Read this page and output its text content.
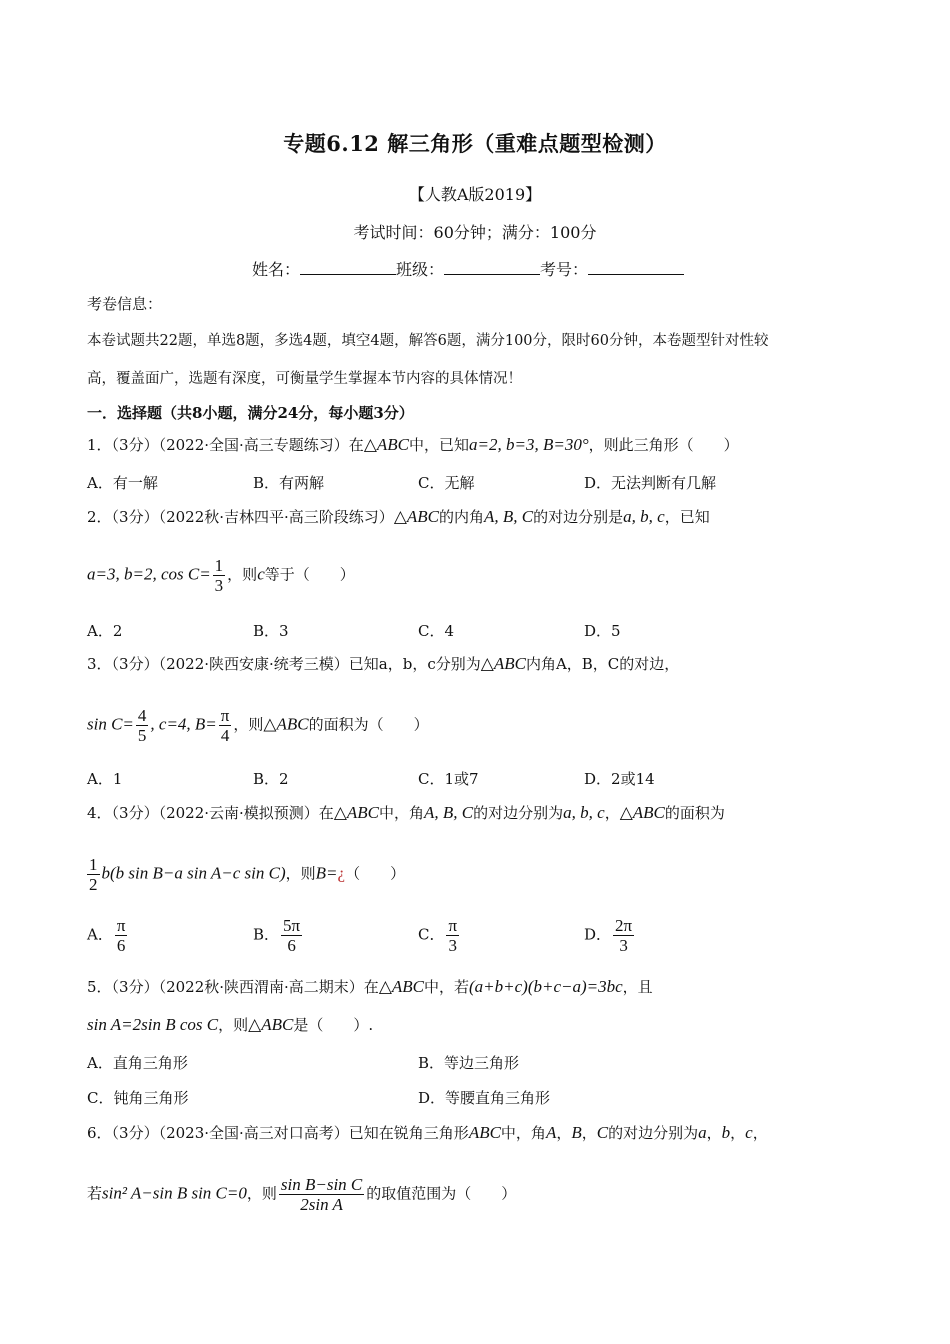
专题6.12 解三角形（重难点题型检测）
【人教A版2019】
考试时间：60分钟；满分：100分
姓名：	班级：	考号：
考卷信息：
本卷试题共22题，单选8题，多选4题，填空4题，解答6题，满分100分，限时60分钟，本卷题型针对性较
高，覆盖面广，选题有深度，可衡量学生掌握本节内容的具体情况！
一．选择题（共8小题，满分24分，每小题3分）
1．（3分）（2022·全国·高三专题练习）在△ABC中，已知a=2, b=3, B=30°，则此三角形（　　）
A．有一解	B．有两解	C．无解	D．无法判断有几解
2．（3分）（2022秋·吉林四平·高三阶段练习）△ABC的内角A, B, C的对边分别是a, b, c，已知
a=3, b=2, $\cos C= \frac{1}{3}$ ，则c等于（　　）
A．2	B．3	C．4	D．5
3．（3分）（2022·陕西安康·统考三模）已知a，b，c分别为△ABC内角A，B，C的对边，
$\sin C= \frac{4}{5}$ , c=4, $B= \frac{\pi}{4}$ ，则△ABC的面积为（　　）
A．1	B．2	C．1或7	D．2或14
4．（3分）（2022·云南·模拟预测）在△ABC中，角A, B, C的对边分别为a, b, c，△ABC的面积为
$\frac{1}{2} b(b$ sin B−a sin A−c sin C)，则B=¿（　　）
A． $\frac{\pi}{6}$	B． $\frac{5\pi}{6}$	C． $\frac{\pi}{3}$	D． $\frac{2\pi}{3}$
5．（3分）（2022秋·陕西渭南·高二期末）在△ABC中，若(a+b+c)(b+c−a)=3bc，且
sin A=2sin B cos C，则△ABC是（　　）.
A．直角三角形	B．等边三角形
C．钝角三角形	D．等腰直角三角形
6．（3分）（2023·全国·高三对口高考）已知在锐角三角形ABC中，角A，B，C的对边分别为a，b，c，
若sin² A−sin B sin C=0，则 $\frac{\text{sin B−sin C}}{\text{2sin A}}$ 的取值范围为（　　）
